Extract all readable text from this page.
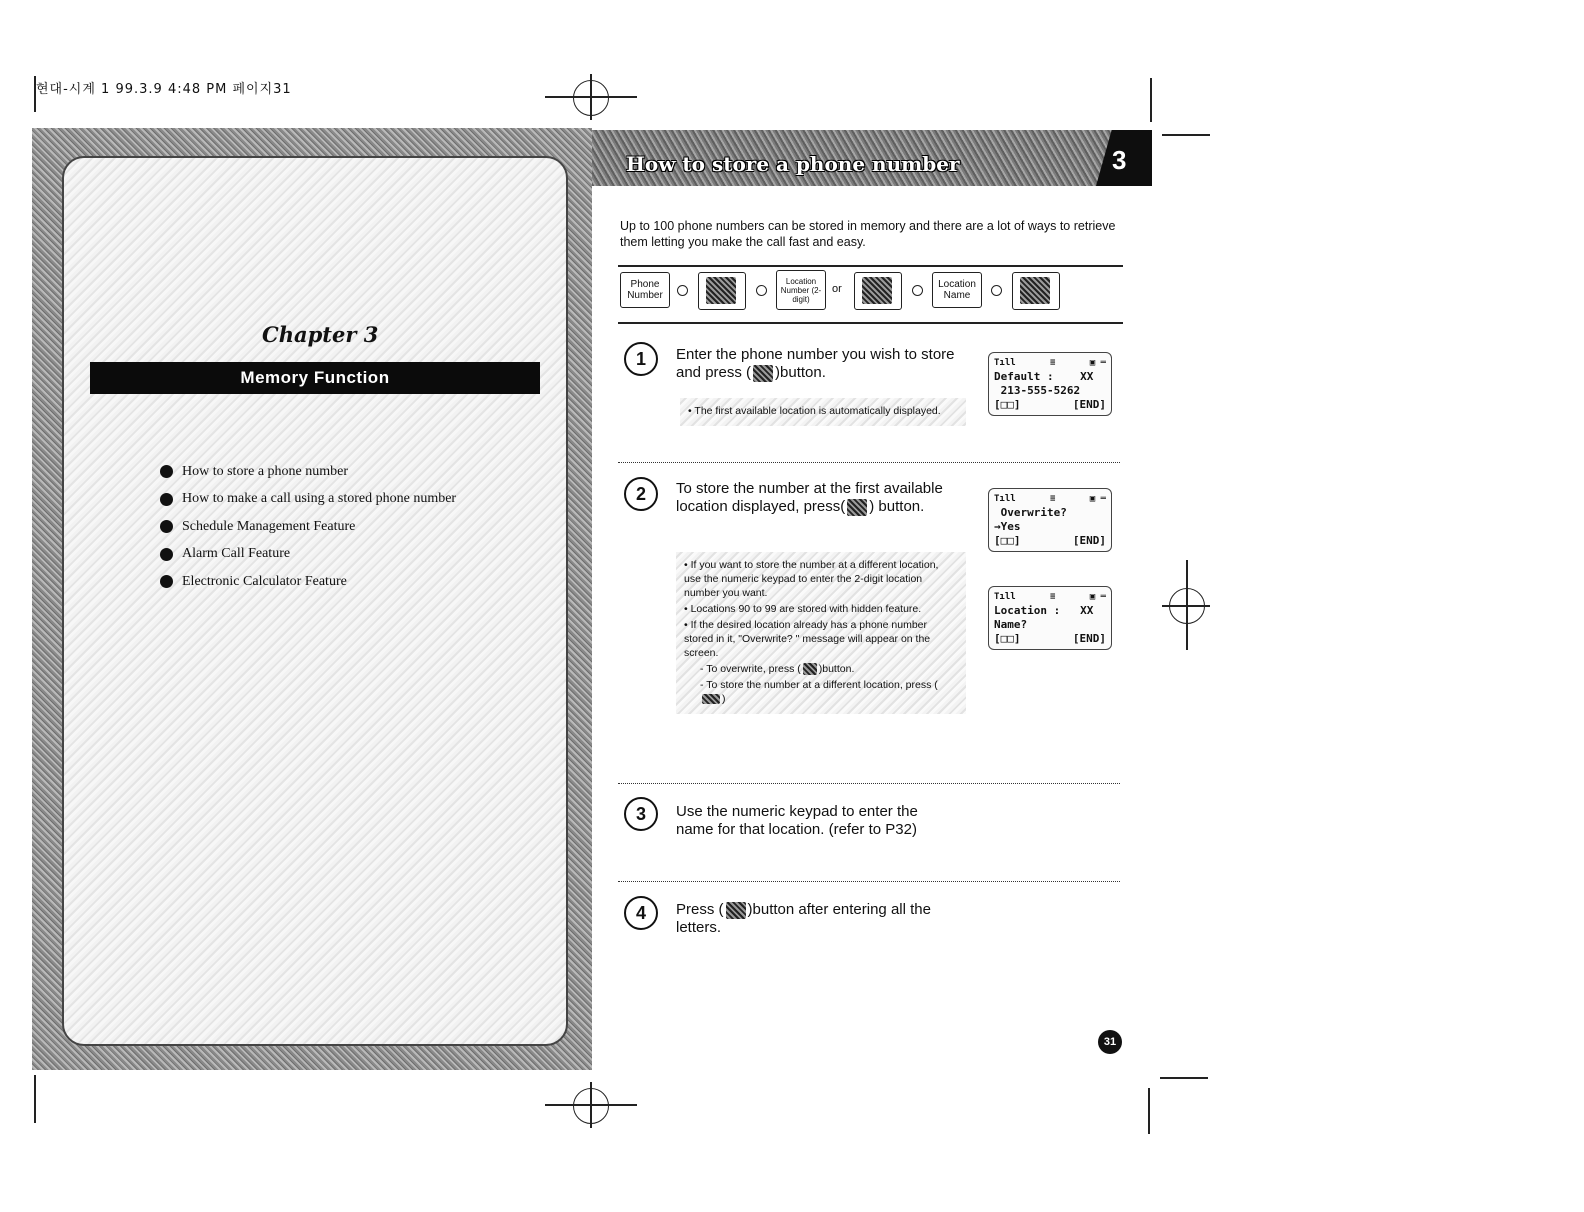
현대-시계 1 99.3.9 4:48 PM 페이지31
Chapter 3
Memory Function
How to store a phone number
How to make a call using a stored phone number
Schedule Management Feature
Alarm Call Feature
Electronic Calculator Feature
How to store a phone number	3
Up to 100 phone numbers can be stored in memory and there are a lot of ways to retrieve them letting you make the call fast and easy.
Phone Number
Location Number (2-digit)
or	Location Name
1	Enter the phone number you wish to store and press ( )button.

• The first available location is automatically displayed.

Tıll	≡	▣ ═
Default :    XX
213-555-5262
[□□]	[END]
2	To store the number at the first available location displayed, press( ) button.

• If you want to store the number at a different location, use the numeric keypad to enter the 2-digit location number you want.

• Locations 90 to 99 are stored with hidden feature.

• If the desired location already has a phone number stored in it, "Overwrite? " message will appear on the screen.

- To overwrite, press ( )button.

- To store the number at a different location, press ()

Tıll	≡	▣ ═
Overwrite?
→Yes
[□□]	[END]
Tıll	≡	▣ ═
Location :   XX
Name?
[□□]	[END]
3	Use the numeric keypad to enter the name for that location. (refer to P32)
4	Press ( )button after entering all the letters.
31
